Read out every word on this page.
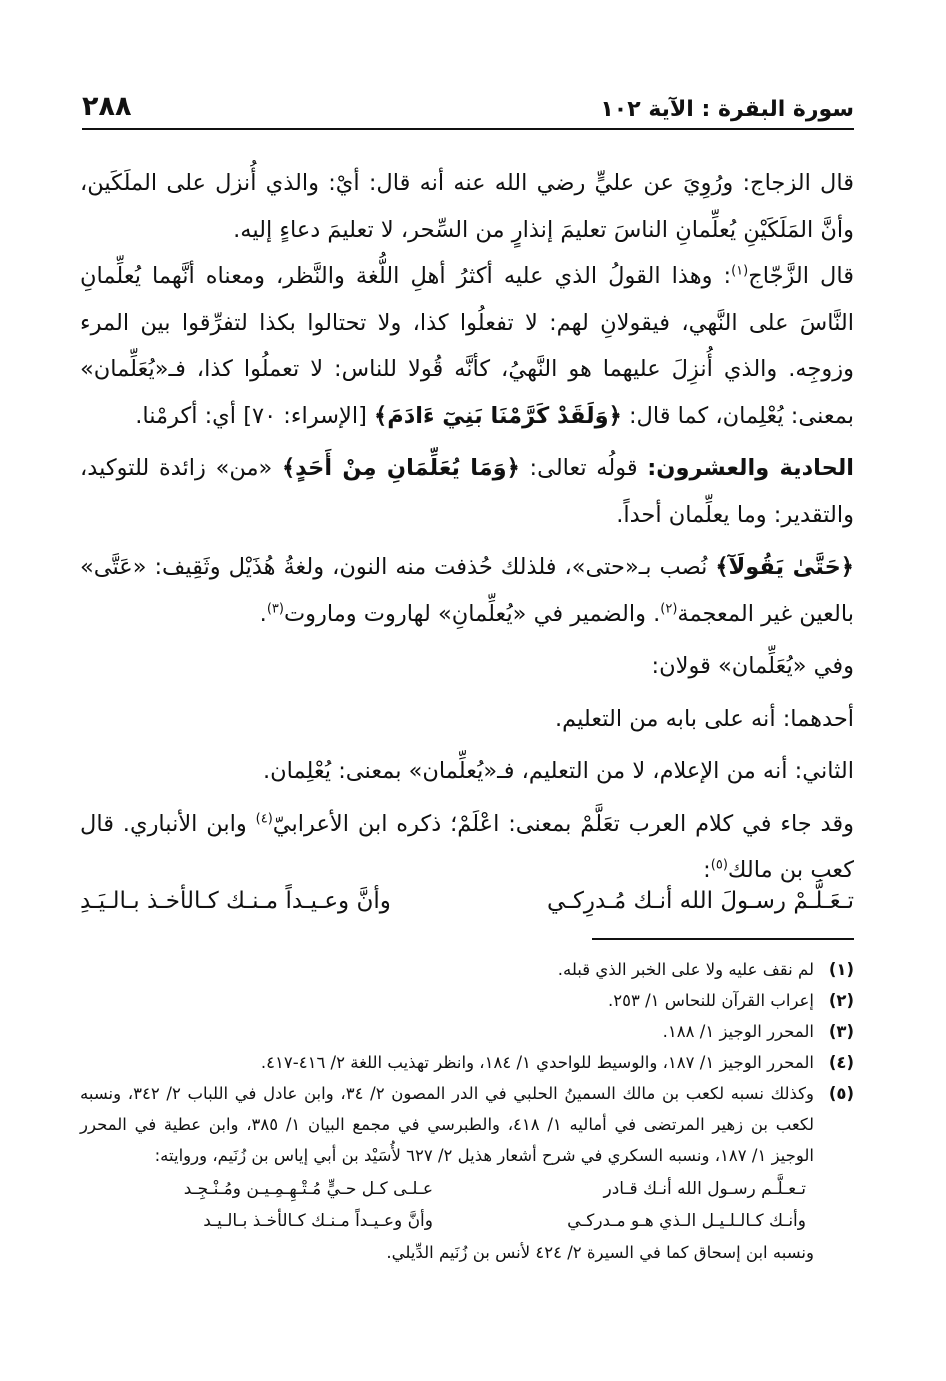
سورة البقرة : الآية ١٠٢
٢٨٨

قال الزجاج: ورُوِيَ عن عليٍّ رضي الله عنه أنه قال: أيْ: والذي أُنزل على الملَكَين، وأنَّ المَلَكَيْنِ يُعلِّمانِ الناسَ تعليمَ إنذارٍ من السِّحر، لا تعليمَ دعاءٍ إليه.

قال الزَّجّاج$^{(١)}$: وهذا القولُ الذي عليه أكثرُ أهلِ اللُّغة والنَّظر، ومعناه أنَّهما يُعلِّمانِ النَّاسَ على النَّهي، فيقولانِ لهم: لا تفعلُوا كذا، ولا تحتالوا بكذا لتفرِّقوا بين المرء وزوجِه. والذي أُنزِلَ عليهما هو النَّهيُ، كأنَّه قُولا للناس: لا تعملُوا كذا، فـ«يُعَلِّمان» بمعنى: يُعْلِمان، كما قال: ﴿وَلَقَدْ كَرَّمْنَا بَنِيٓ ءَادَمَ﴾ [الإسراء: ٧٠] أي: أكرمْنا.

الحادية والعشرون: قولُه تعالى: ﴿وَمَا يُعَلِّمَانِ مِنْ أَحَدٍ﴾ «من» زائدة للتوكيد، والتقدير: وما يعلِّمان أحداً.

﴿حَتَّىٰ يَقُولَآ﴾ نُصب بـ«حتى»، فلذلك حُذفت منه النون، ولغةُ هُذَيْل وثَقِيف: «عَتَّى» بالعين غير المعجمة$^{(٢)}$. والضمير في «يُعلِّمانِ» لهاروت وماروت$^{(٣)}$.

وفي «يُعَلِّمان» قولان:

أحدهما: أنه على بابه من التعليم.

الثاني: أنه من الإعلام، لا من التعليم، فـ«يُعلِّمان» بمعنى: يُعْلِمان.

وقد جاء في كلام العرب تعَلَّمْ بمعنى: اعْلَمْ؛ ذكره ابن الأعرابيّ$^{(٤)}$ وابن الأنباري. قال كعب بن مالك$^{(٥)}$:

تـعَـلَّـمْ رسـولَ الله أنـك مُـدرِكـي
وأنَّ وعـيـداً مـنـك كـالأخـذ بـالـيَـدِ
(١)
لم نقف عليه ولا على الخبر الذي قبله.
(٢)
إعراب القرآن للنحاس ١/ ٢٥٣.
(٣)
المحرر الوجيز ١/ ١٨٨.
(٤)
المحرر الوجيز ١/ ١٨٧، والوسيط للواحدي ١/ ١٨٤، وانظر تهذيب اللغة ٢/ ٤١٦-٤١٧.
(٥)
وكذلك نسبه لكعب بن مالك السمينُ الحلبي في الدر المصون ٢/ ٣٤، وابن عادل في اللباب ٢/ ٣٤٢، ونسبه لكعب بن زهير المرتضى في أماليه ١/ ٤١٨، والطبرسي في مجمع البيان ١/ ٣٨٥، وابن عطية في المحرر الوجيز ١/ ١٨٧، ونسبه السكري في شرح أشعار هذيل ٢/ ٦٢٧ لأُسَيْد بن أبي إياس بن زُنَيم، وروايته:
تـعـلَّـم رسـول الله أنـك قـادر
عـلـى كـل حـيٍّ مُـتْـهِـمِـيـن ومُـنْـجِـد
وأنـك كـالـلـيـل الـذي هـو مـدركـي
وأنَّ وعـيـداً مـنـك كـالأخـذ بـالـيـد
ونسبه ابن إسحاق كما في السيرة ٢/ ٤٢٤ لأنس بن زُنَيم الدِّيلي.
